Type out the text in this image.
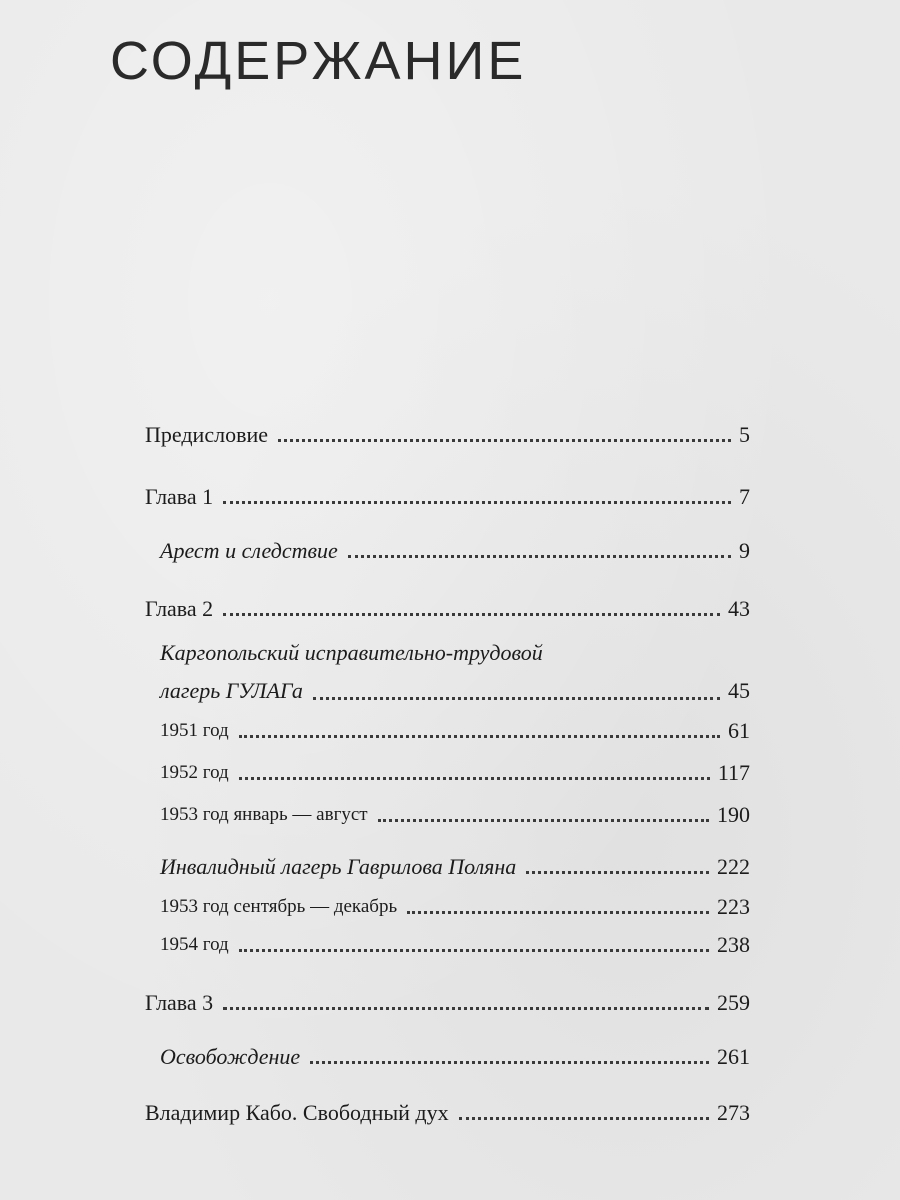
СОДЕРЖАНИЕ
Предисловие	5
Глава 1	7
Арест и следствие	9
Глава 2	43
Каргопольский исправительно-трудовой
лагерь ГУЛАГа	45
1951 год	61
1952 год	117
1953 год январь — август	190
Инвалидный лагерь Гаврилова Поляна	222
1953 год сентябрь — декабрь	223
1954 год	238
Глава 3	259
Освобождение	261
Владимир Кабо. Свободный дух	273
